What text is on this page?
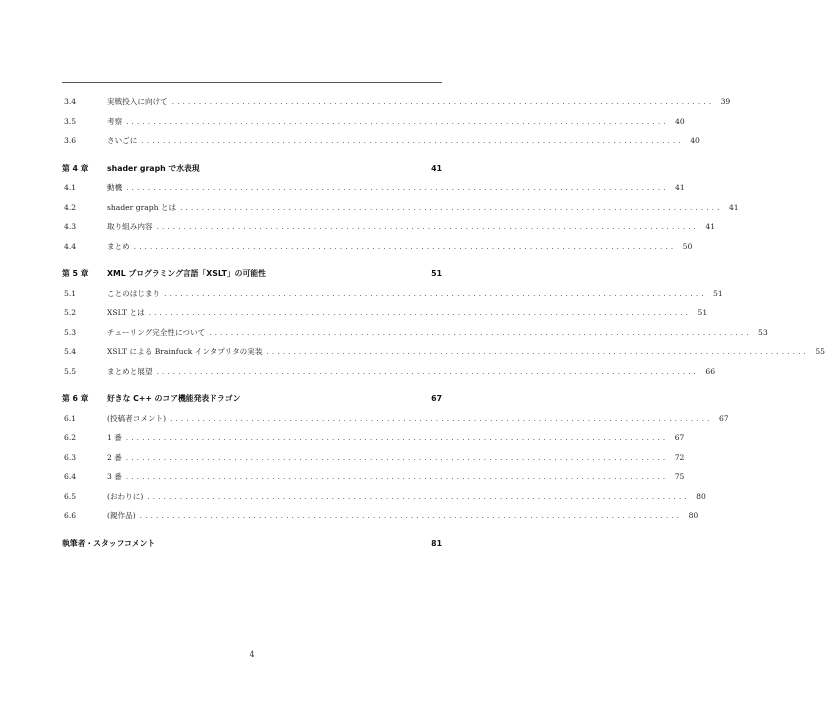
3.4	実戦投入に向けて .................................................................................................... 39
3.5	考察 .................................................................................................... 40
3.6	さいごに .................................................................................................... 40
第 4 章	shader graph で水表現	41
4.1	動機 .................................................................................................... 41
4.2	shader graph とは .................................................................................................... 41
4.3	取り組み内容 .................................................................................................... 41
4.4	まとめ .................................................................................................... 50
第 5 章	XML プログラミング言語「XSLT」の可能性	51
5.1	ことのはじまり .................................................................................................... 51
5.2	XSLT とは .................................................................................................... 51
5.3	チューリング完全性について .................................................................................................... 53
5.4	XSLT による Brainfuck インタプリタの実装 .................................................................................................... 55
5.5	まとめと展望 .................................................................................................... 66
第 6 章	好きな C++ のコア機能発表ドラゴン	67
6.1	(投稿者コメント) .................................................................................................... 67
6.2	1 番 .................................................................................................... 67
6.3	2 番 .................................................................................................... 72
6.4	3 番 .................................................................................................... 75
6.5	(おわりに) .................................................................................................... 80
6.6	(親作品) .................................................................................................... 80
執筆者・スタッフコメント	81
4
